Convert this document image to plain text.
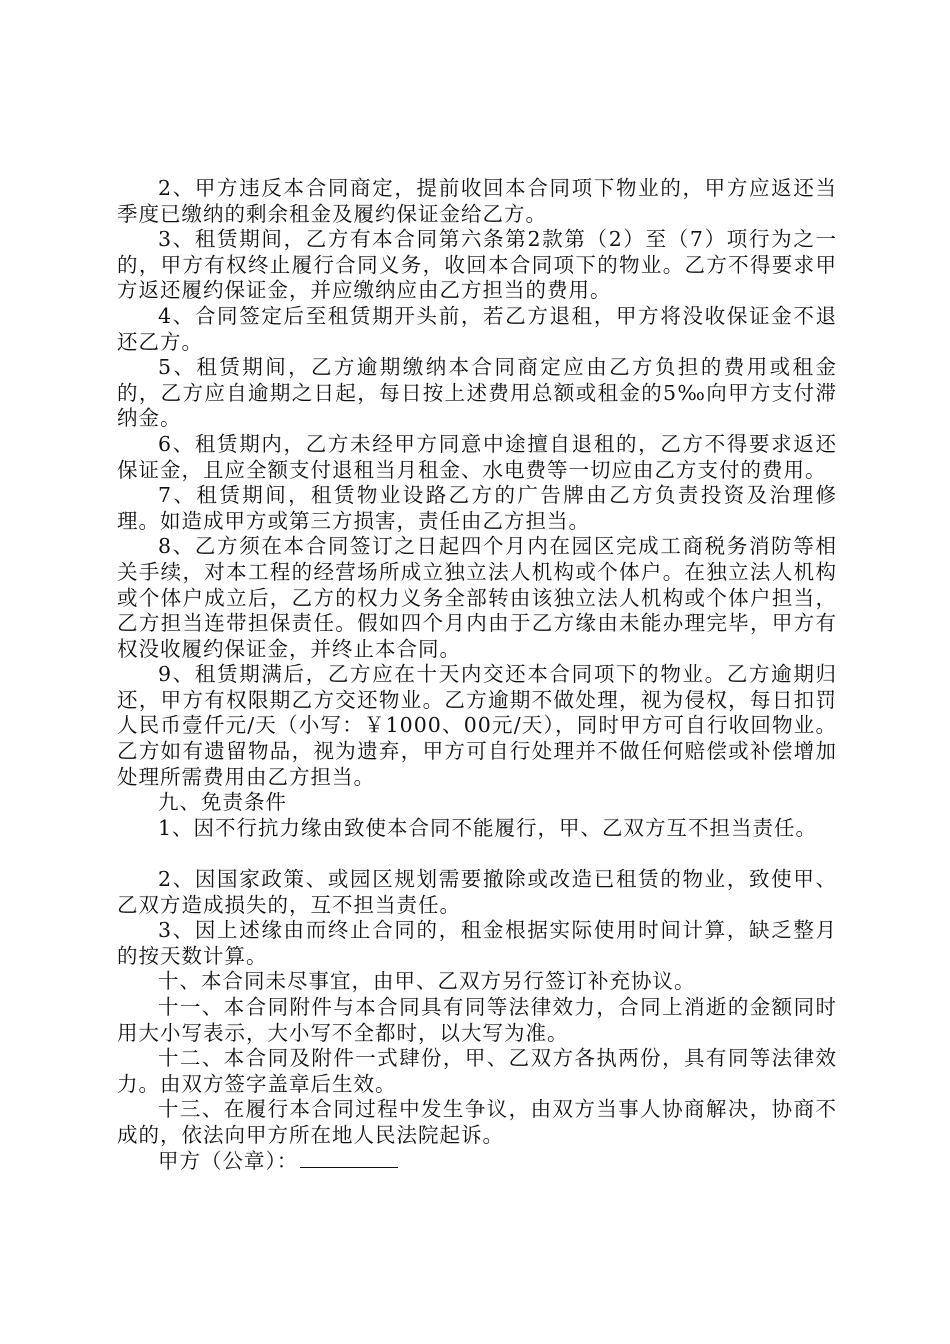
2、甲方违反本合同商定，提前收回本合同项下物业的，甲方应返还当季度已缴纳的剩余租金及履约保证金给乙方。

3、租赁期间，乙方有本合同第六条第2款第（2）至（7）项行为之一的，甲方有权终止履行合同义务，收回本合同项下的物业。乙方不得要求甲方返还履约保证金，并应缴纳应由乙方担当的费用。

4、合同签定后至租赁期开头前，若乙方退租，甲方将没收保证金不退还乙方。

5、租赁期间，乙方逾期缴纳本合同商定应由乙方负担的费用或租金的，乙方应自逾期之日起，每日按上述费用总额或租金的5‰向甲方支付滞纳金。

6、租赁期内，乙方未经甲方同意中途擅自退租的，乙方不得要求返还保证金，且应全额支付退租当月租金、水电费等一切应由乙方支付的费用。

7、租赁期间，租赁物业设路乙方的广告牌由乙方负责投资及治理修理。如造成甲方或第三方损害，责任由乙方担当。

8、乙方须在本合同签订之日起四个月内在园区完成工商税务消防等相关手续，对本工程的经营场所成立独立法人机构或个体户。在独立法人机构或个体户成立后，乙方的权力义务全部转由该独立法人机构或个体户担当，乙方担当连带担保责任。假如四个月内由于乙方缘由未能办理完毕，甲方有权没收履约保证金，并终止本合同。

9、租赁期满后，乙方应在十天内交还本合同项下的物业。乙方逾期归还，甲方有权限期乙方交还物业。乙方逾期不做处理，视为侵权，每日扣罚人民币壹仟元/天（小写：￥1000、00元/天），同时甲方可自行收回物业。乙方如有遗留物品，视为遗弃，甲方可自行处理并不做任何赔偿或补偿增加处理所需费用由乙方担当。

九、免责条件

1、因不行抗力缘由致使本合同不能履行，甲、乙双方互不担当责任。

2、因国家政策、或园区规划需要撤除或改造已租赁的物业，致使甲、乙双方造成损失的，互不担当责任。

3、因上述缘由而终止合同的，租金根据实际使用时间计算，缺乏整月的按天数计算。

十、本合同未尽事宜，由甲、乙双方另行签订补充协议。

十一、本合同附件与本合同具有同等法律效力，合同上消逝的金额同时用大小写表示，大小写不全都时，以大写为准。

十二、本合同及附件一式肆份，甲、乙双方各执两份，具有同等法律效力。由双方签字盖章后生效。

十三、在履行本合同过程中发生争议，由双方当事人协商解决，协商不成的，依法向甲方所在地人民法院起诉。

甲方（公章）：
